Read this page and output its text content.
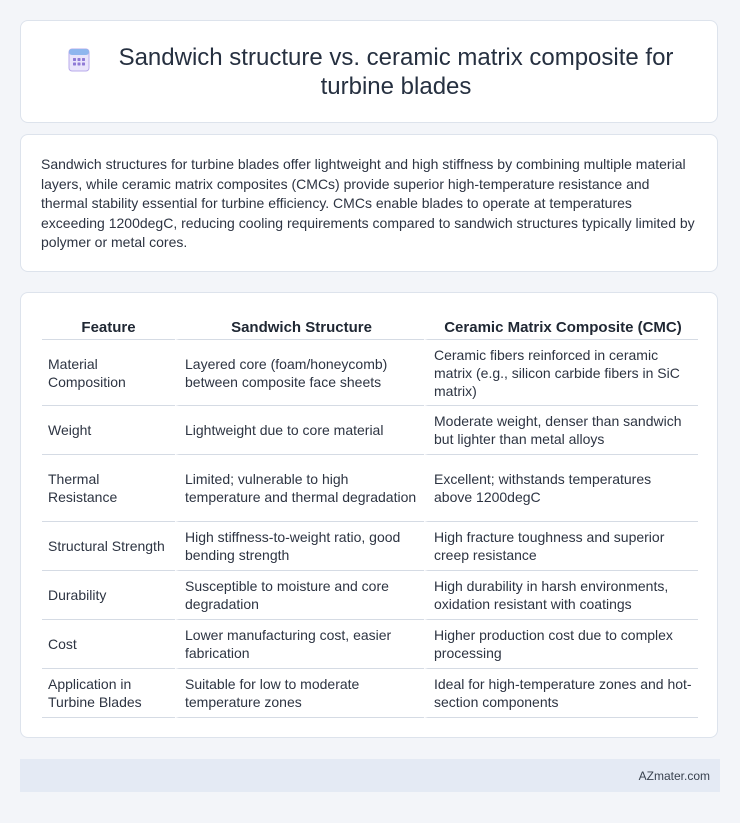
Sandwich structure vs. ceramic matrix composite for turbine blades

Sandwich structures for turbine blades offer lightweight and high stiffness by combining multiple material layers, while ceramic matrix composites (CMCs) provide superior high-temperature resistance and thermal stability essential for turbine efficiency. CMCs enable blades to operate at temperatures exceeding 1200degC, reducing cooling requirements compared to sandwich structures typically limited by polymer or metal cores.

Feature	Sandwich Structure	Ceramic Matrix Composite (CMC)
Material Composition	Layered core (foam/honeycomb) between composite face sheets	Ceramic fibers reinforced in ceramic matrix (e.g., silicon carbide fibers in SiC matrix)
Weight	Lightweight due to core material	Moderate weight, denser than sandwich but lighter than metal alloys
Thermal Resistance	Limited; vulnerable to high temperature and thermal degradation	Excellent; withstands temperatures above 1200degC
Structural Strength	High stiffness-to-weight ratio, good bending strength	High fracture toughness and superior creep resistance
Durability	Susceptible to moisture and core degradation	High durability in harsh environments, oxidation resistant with coatings
Cost	Lower manufacturing cost, easier fabrication	Higher production cost due to complex processing
Application in Turbine Blades	Suitable for low to moderate temperature zones	Ideal for high-temperature zones and hot-section components
AZmater.com
